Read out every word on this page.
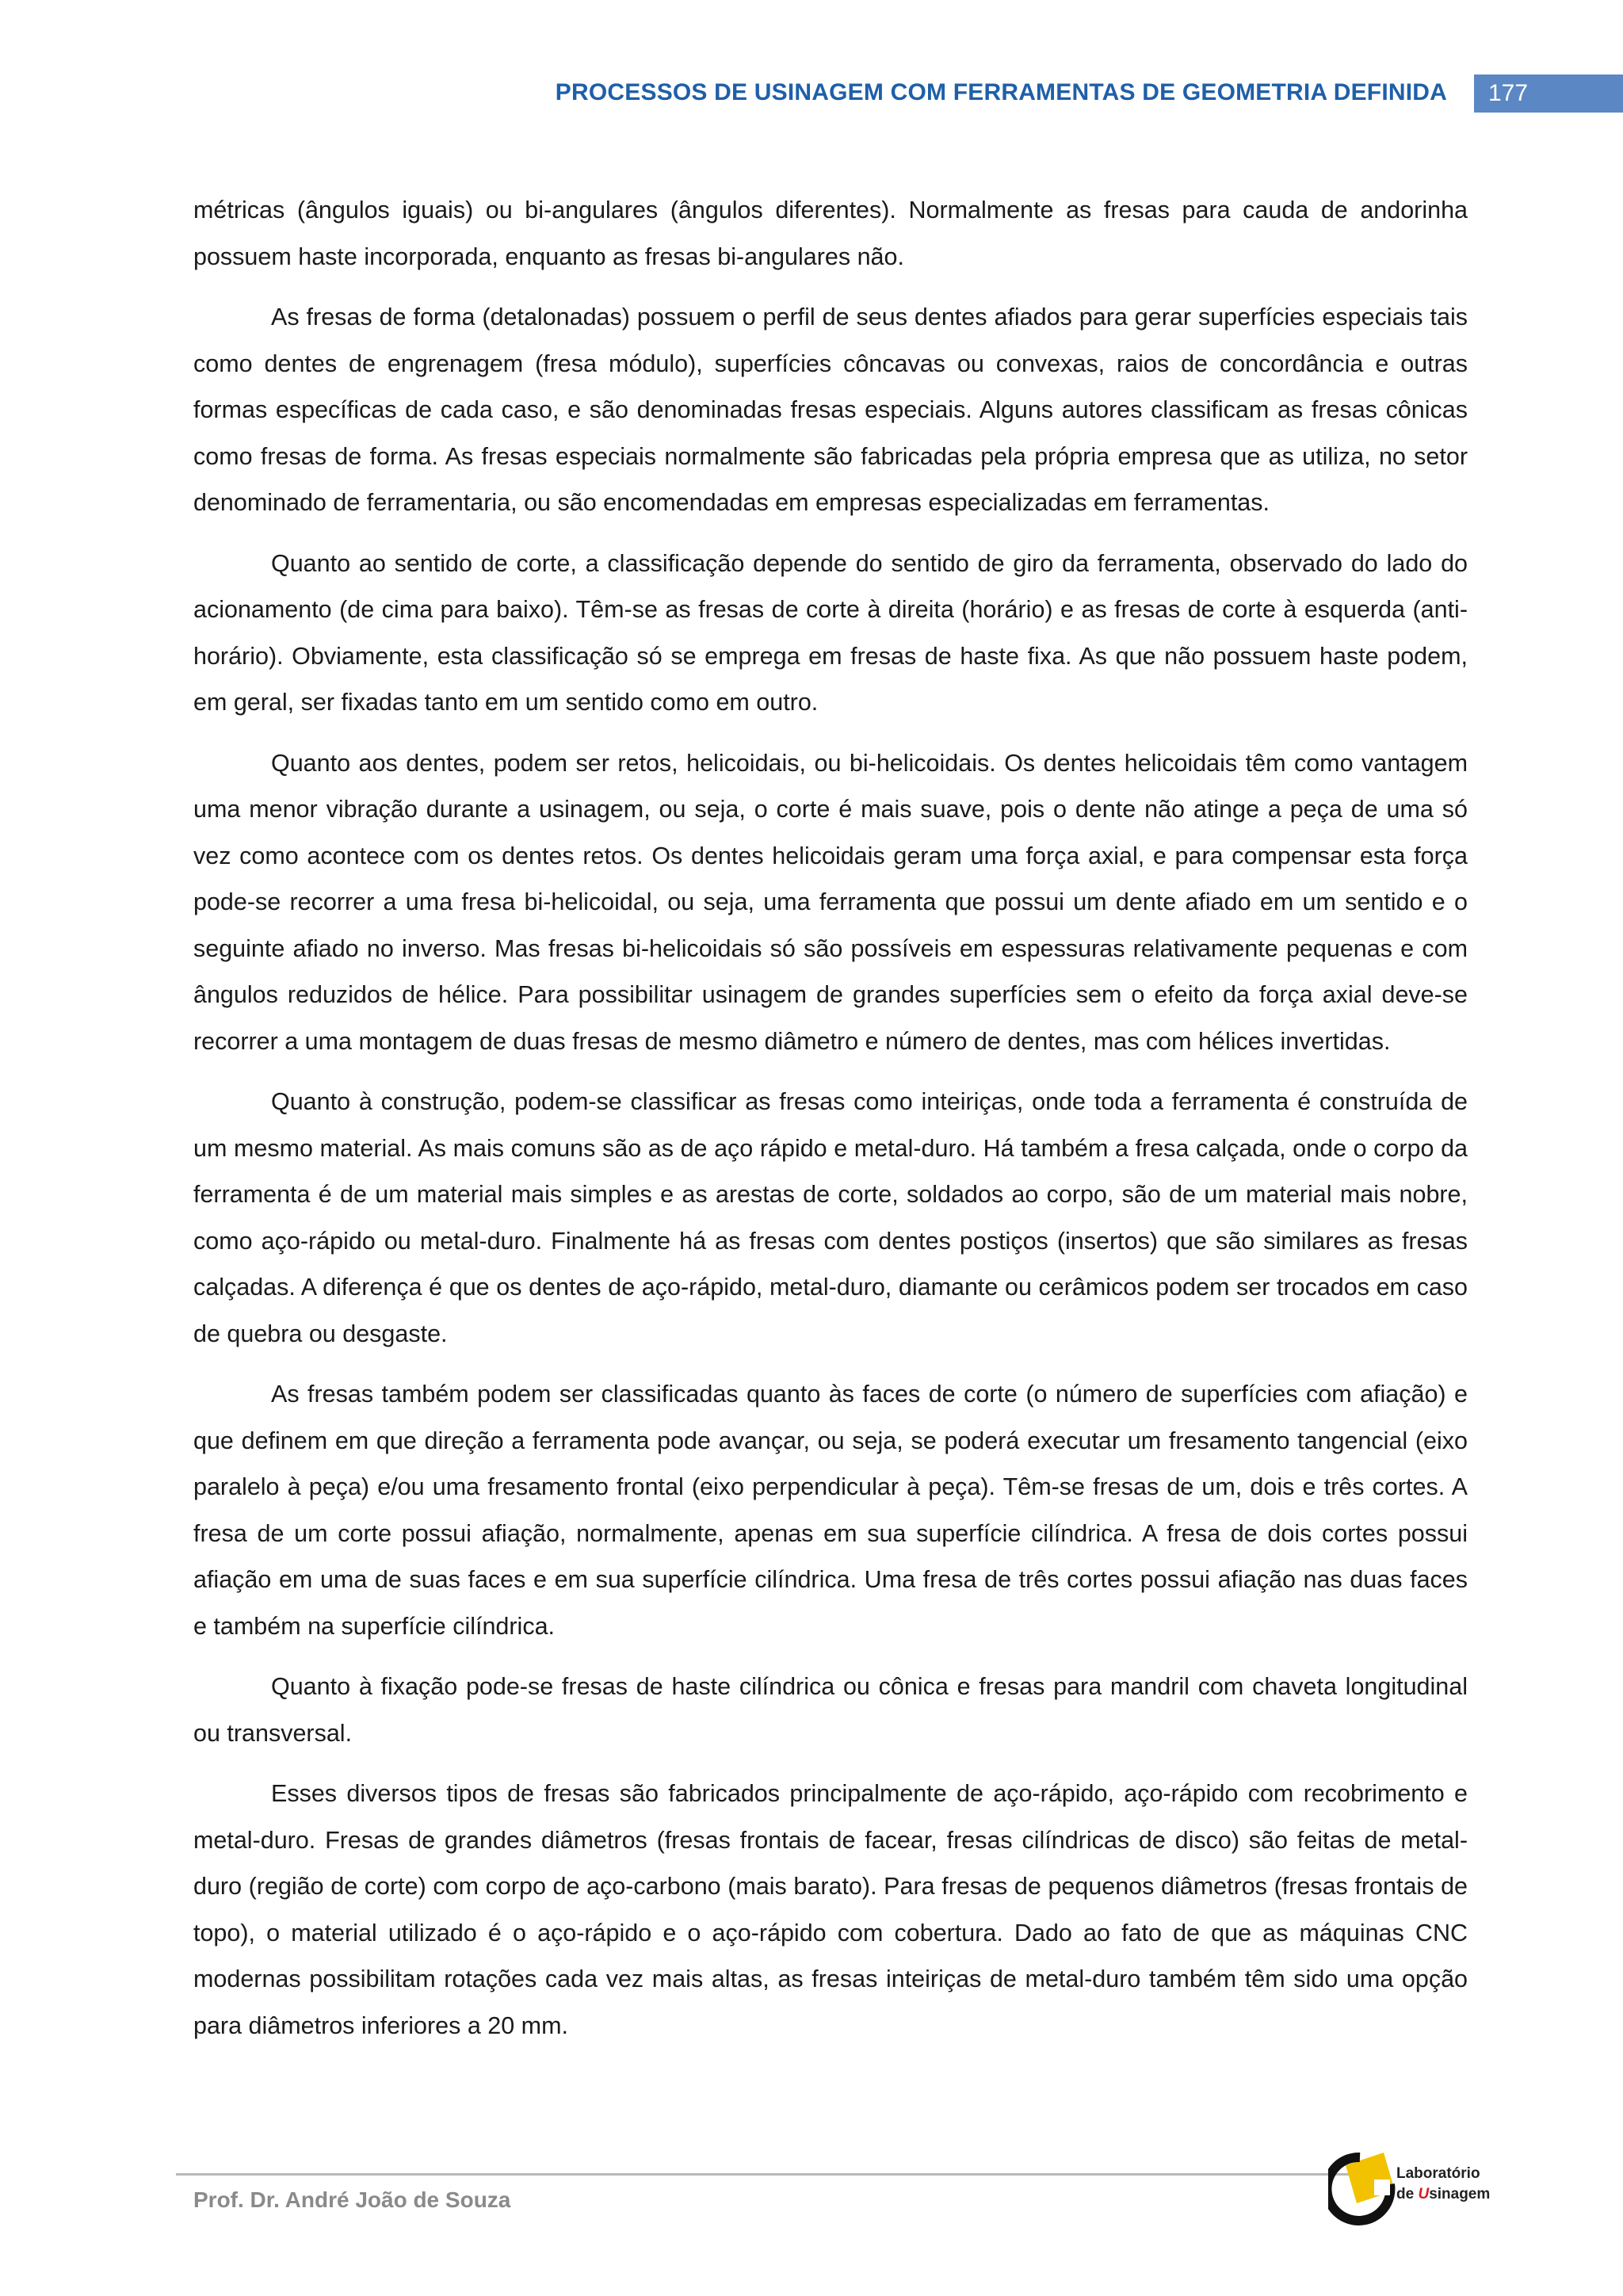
PROCESSOS DE USINAGEM COM FERRAMENTAS DE GEOMETRIA DEFINIDA	177

métricas (ângulos iguais) ou bi-angulares (ângulos diferentes). Normalmente as fresas para cauda de andorinha possuem haste incorporada, enquanto as fresas bi-angulares não.

As fresas de forma (detalonadas) possuem o perfil de seus dentes afiados para gerar superfícies especiais tais como dentes de engrenagem (fresa módulo), superfícies côncavas ou convexas, raios de concordância e outras formas específicas de cada caso, e são denominadas fresas especiais. Alguns autores classificam as fresas cônicas como fresas de forma. As fresas especiais normalmente são fabricadas pela própria empresa que as utiliza, no setor denominado de ferramentaria, ou são encomendadas em empresas especializadas em ferramentas.

Quanto ao sentido de corte, a classificação depende do sentido de giro da ferramenta, observado do lado do acionamento (de cima para baixo). Têm-se as fresas de corte à direita (horário) e as fresas de corte à esquerda (anti-horário). Obviamente, esta classificação só se emprega em fresas de haste fixa. As que não possuem haste podem, em geral, ser fixadas tanto em um sentido como em outro.

Quanto aos dentes, podem ser retos, helicoidais, ou bi-helicoidais. Os dentes helicoidais têm como vantagem uma menor vibração durante a usinagem, ou seja, o corte é mais suave, pois o dente não atinge a peça de uma só vez como acontece com os dentes retos. Os dentes helicoidais geram uma força axial, e para compensar esta força pode-se recorrer a uma fresa bi-helicoidal, ou seja, uma ferramenta que possui um dente afiado em um sentido e o seguinte afiado no inverso. Mas fresas bi-helicoidais só são possíveis em espessuras relativamente pequenas e com ângulos reduzidos de hélice. Para possibilitar usinagem de grandes superfícies sem o efeito da força axial deve-se recorrer a uma montagem de duas fresas de mesmo diâmetro e número de dentes, mas com hélices invertidas.

Quanto à construção, podem-se classificar as fresas como inteiriças, onde toda a ferramenta é construída de um mesmo material. As mais comuns são as de aço rápido e metal-duro. Há também a fresa calçada, onde o corpo da ferramenta é de um material mais simples e as arestas de corte, soldados ao corpo, são de um material mais nobre, como aço-rápido ou metal-duro. Finalmente há as fresas com dentes postiços (insertos) que são similares as fresas calçadas. A diferença é que os dentes de aço-rápido, metal-duro, diamante ou cerâmicos podem ser trocados em caso de quebra ou desgaste.

As fresas também podem ser classificadas quanto às faces de corte (o número de superfícies com afiação) e que definem em que direção a ferramenta pode avançar, ou seja, se poderá executar um fresamento tangencial (eixo paralelo à peça) e/ou uma fresamento frontal (eixo perpendicular à peça). Têm-se fresas de um, dois e três cortes. A fresa de um corte possui afiação, normalmente, apenas em sua superfície cilíndrica. A fresa de dois cortes possui afiação em uma de suas faces e em sua superfície cilíndrica. Uma fresa de três cortes possui afiação nas duas faces e também na superfície cilíndrica.

Quanto à fixação pode-se fresas de haste cilíndrica ou cônica e fresas para mandril com chaveta longitudinal ou transversal.

Esses diversos tipos de fresas são fabricados principalmente de aço-rápido, aço-rápido com recobrimento e metal-duro. Fresas de grandes diâmetros (fresas frontais de facear, fresas cilíndricas de disco) são feitas de metal-duro (região de corte) com corpo de aço-carbono (mais barato). Para fresas de pequenos diâmetros (fresas frontais de topo), o material utilizado é o aço-rápido e o aço-rápido com cobertura. Dado ao fato de que as máquinas CNC modernas possibilitam rotações cada vez mais altas, as fresas inteiriças de metal-duro também têm sido uma opção para diâmetros inferiores a 20 mm.

Prof. Dr. André João de Souza
Laboratório
de Usinagem
